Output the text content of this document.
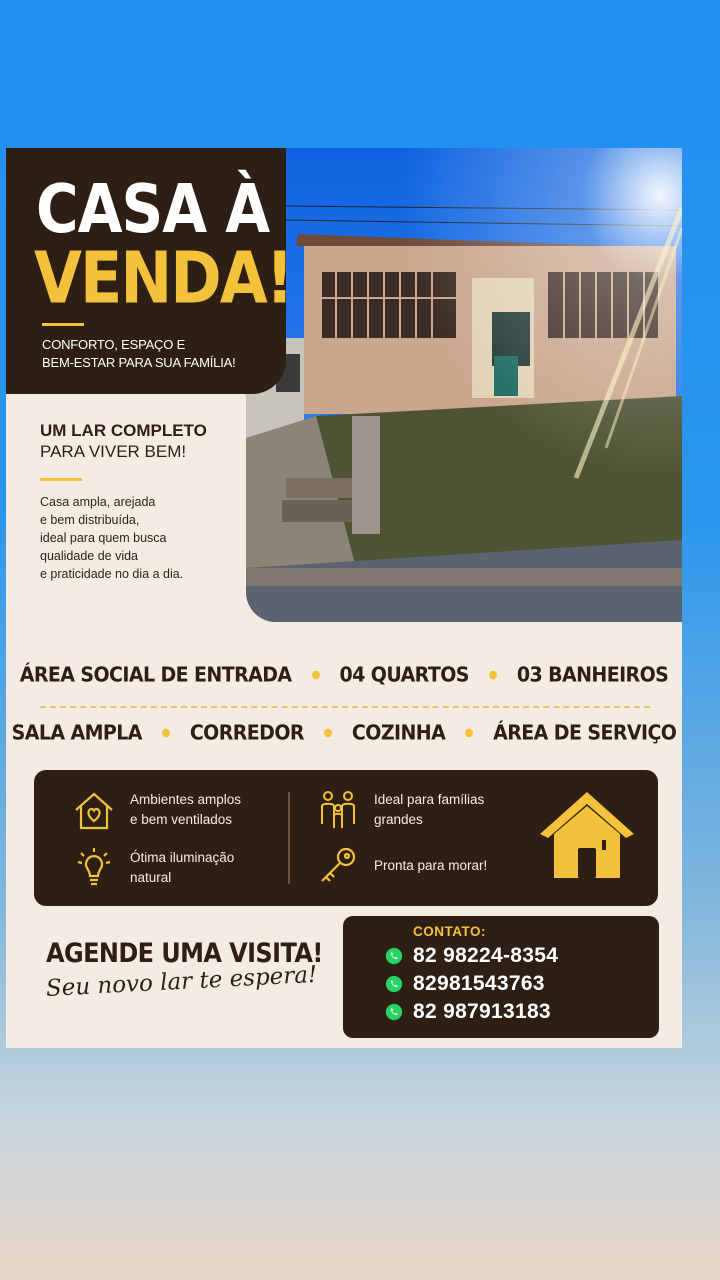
CASA À
VENDA!
CONFORTO, ESPAÇO E
BEM-ESTAR PARA SUA FAMÍLIA!
UM LAR COMPLETO
PARA VIVER BEM!
Casa ampla, arejada
e bem distribuída,
ideal para quem busca
qualidade de vida
e praticidade no dia a dia.
ÁREA SOCIAL DE ENTRADA	04 QUARTOS	03 BANHEIROS
SALA AMPLA	CORREDOR	COZINHA	ÁREA DE SERVIÇO
Ambientes amplos
e bem ventilados
Ótima iluminação
natural
Ideal para famílias
grandes
Pronta para morar!
AGENDE UMA VISITA!
Seu novo lar te espera!
CONTATO:
82 98224-8354
82981543763
82 987913183
